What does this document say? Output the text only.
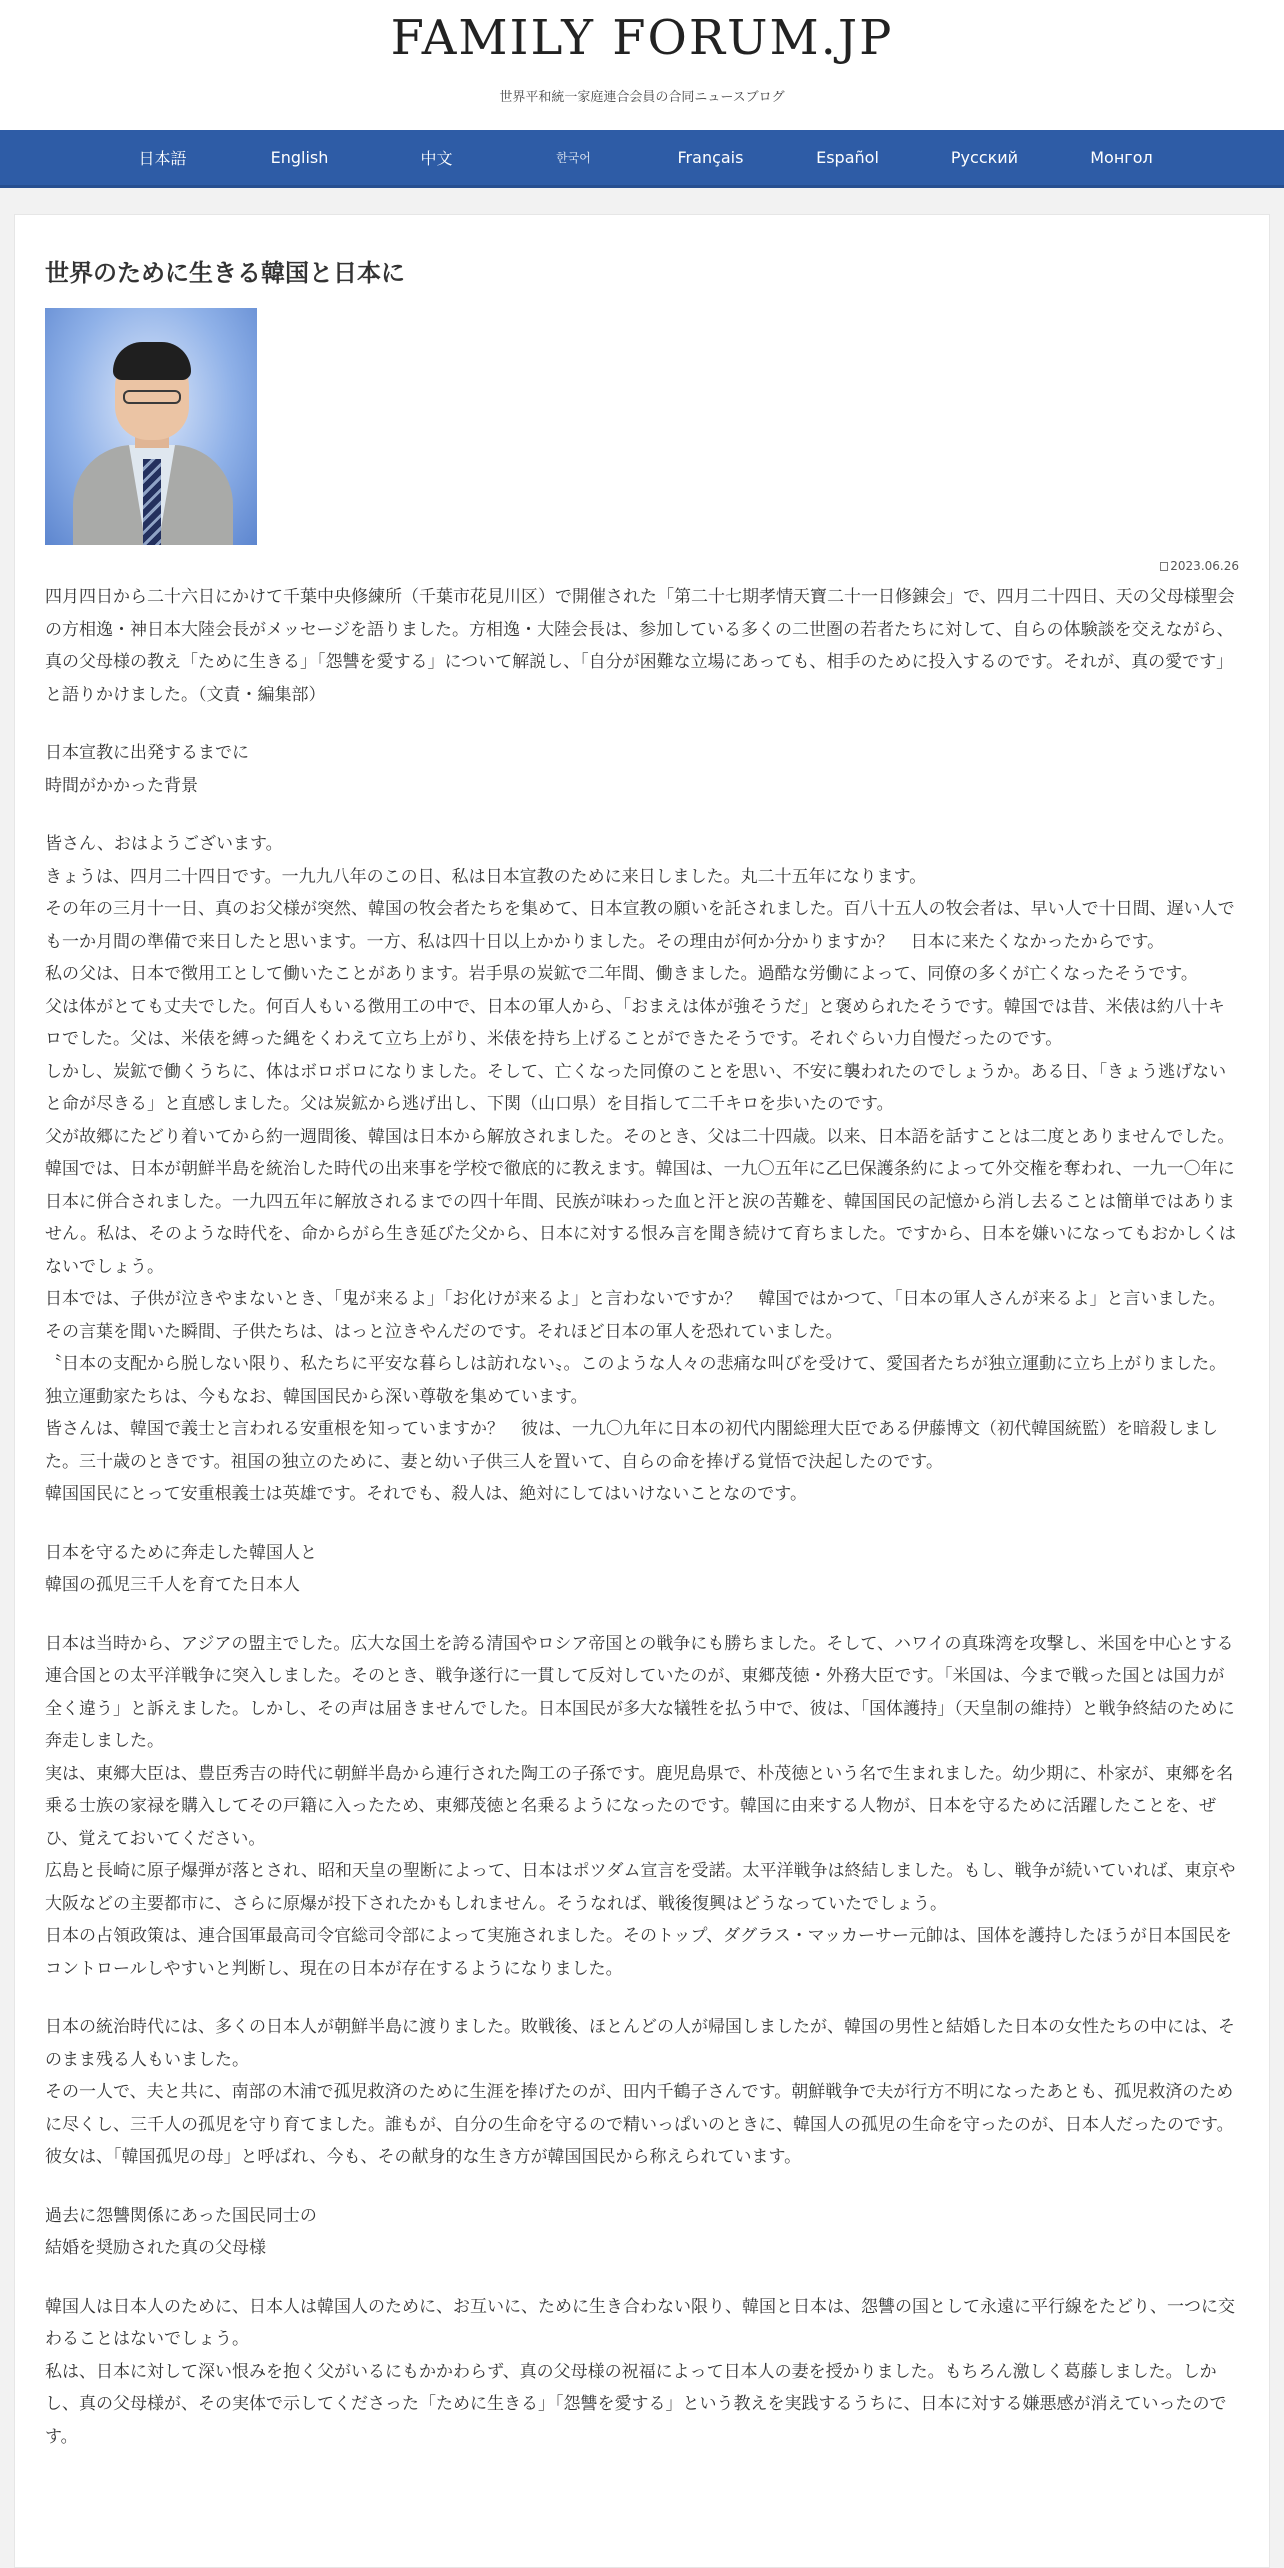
FAMILY FORUM.JP
世界平和統一家庭連合会員の合同ニュースブログ
日本語	English	中文	한국어	Français	Español	Русский	Монгол
世界のために生きる韓国と日本に
2023.06.26

四月四日から二十六日にかけて千葉中央修練所（千葉市花見川区）で開催された「第二十七期孝情天寶二十一日修錬会」で、四月二十四日、天の父母様聖会の方相逸・神日本大陸会長がメッセージを語りました。方相逸・大陸会長は、参加している多くの二世圏の若者たちに対して、自らの体験談を交えながら、真の父母様の教え「ために生きる」「怨讐を愛する」について解説し、「自分が困難な立場にあっても、相手のために投入するのです。それが、真の愛です」と語りかけました。（文責・編集部）

日本宣教に出発するまでに

時間がかかった背景

皆さん、おはようございます。

きょうは、四月二十四日です。一九九八年のこの日、私は日本宣教のために来日しました。丸二十五年になります。

その年の三月十一日、真のお父様が突然、韓国の牧会者たちを集めて、日本宣教の願いを託されました。百八十五人の牧会者は、早い人で十日間、遅い人でも一か月間の準備で来日したと思います。一方、私は四十日以上かかりました。その理由が何か分かりますか？　日本に来たくなかったからです。

私の父は、日本で徴用工として働いたことがあります。岩手県の炭鉱で二年間、働きました。過酷な労働によって、同僚の多くが亡くなったそうです。

父は体がとても丈夫でした。何百人もいる徴用工の中で、日本の軍人から、「おまえは体が強そうだ」と褒められたそうです。韓国では昔、米俵は約八十キロでした。父は、米俵を縛った縄をくわえて立ち上がり、米俵を持ち上げることができたそうです。それぐらい力自慢だったのです。

しかし、炭鉱で働くうちに、体はボロボロになりました。そして、亡くなった同僚のことを思い、不安に襲われたのでしょうか。ある日、「きょう逃げないと命が尽きる」と直感しました。父は炭鉱から逃げ出し、下関（山口県）を目指して二千キロを歩いたのです。

父が故郷にたどり着いてから約一週間後、韓国は日本から解放されました。そのとき、父は二十四歳。以来、日本語を話すことは二度とありませんでした。

韓国では、日本が朝鮮半島を統治した時代の出来事を学校で徹底的に教えます。韓国は、一九〇五年に乙巳保護条約によって外交権を奪われ、一九一〇年に日本に併合されました。一九四五年に解放されるまでの四十年間、民族が味わった血と汗と涙の苦難を、韓国国民の記憶から消し去ることは簡単ではありません。私は、そのような時代を、命からがら生き延びた父から、日本に対する恨み言を聞き続けて育ちました。ですから、日本を嫌いになってもおかしくはないでしょう。

日本では、子供が泣きやまないとき、「鬼が来るよ」「お化けが来るよ」と言わないですか？　韓国ではかつて、「日本の軍人さんが来るよ」と言いました。その言葉を聞いた瞬間、子供たちは、はっと泣きやんだのです。それほど日本の軍人を恐れていました。

〝日本の支配から脱しない限り、私たちに平安な暮らしは訪れない〟。このような人々の悲痛な叫びを受けて、愛国者たちが独立運動に立ち上がりました。独立運動家たちは、今もなお、韓国国民から深い尊敬を集めています。

皆さんは、韓国で義士と言われる安重根を知っていますか？　彼は、一九〇九年に日本の初代内閣総理大臣である伊藤博文（初代韓国統監）を暗殺しました。三十歳のときです。祖国の独立のために、妻と幼い子供三人を置いて、自らの命を捧げる覚悟で決起したのです。

韓国国民にとって安重根義士は英雄です。それでも、殺人は、絶対にしてはいけないことなのです。

日本を守るために奔走した韓国人と

韓国の孤児三千人を育てた日本人

日本は当時から、アジアの盟主でした。広大な国土を誇る清国やロシア帝国との戦争にも勝ちました。そして、ハワイの真珠湾を攻撃し、米国を中心とする連合国との太平洋戦争に突入しました。そのとき、戦争遂行に一貫して反対していたのが、東郷茂徳・外務大臣です。「米国は、今まで戦った国とは国力が全く違う」と訴えました。しかし、その声は届きませんでした。日本国民が多大な犠牲を払う中で、彼は、「国体護持」（天皇制の維持）と戦争終結のために奔走しました。

実は、東郷大臣は、豊臣秀吉の時代に朝鮮半島から連行された陶工の子孫です。鹿児島県で、朴茂徳という名で生まれました。幼少期に、朴家が、東郷を名乗る士族の家禄を購入してその戸籍に入ったため、東郷茂徳と名乗るようになったのです。韓国に由来する人物が、日本を守るために活躍したことを、ぜひ、覚えておいてください。

広島と長崎に原子爆弾が落とされ、昭和天皇の聖断によって、日本はポツダム宣言を受諾。太平洋戦争は終結しました。もし、戦争が続いていれば、東京や大阪などの主要都市に、さらに原爆が投下されたかもしれません。そうなれば、戦後復興はどうなっていたでしょう。

日本の占領政策は、連合国軍最高司令官総司令部によって実施されました。そのトップ、ダグラス・マッカーサー元帥は、国体を護持したほうが日本国民をコントロールしやすいと判断し、現在の日本が存在するようになりました。

日本の統治時代には、多くの日本人が朝鮮半島に渡りました。敗戦後、ほとんどの人が帰国しましたが、韓国の男性と結婚した日本の女性たちの中には、そのまま残る人もいました。

その一人で、夫と共に、南部の木浦で孤児救済のために生涯を捧げたのが、田内千鶴子さんです。朝鮮戦争で夫が行方不明になったあとも、孤児救済のために尽くし、三千人の孤児を守り育てました。誰もが、自分の生命を守るので精いっぱいのときに、韓国人の孤児の生命を守ったのが、日本人だったのです。

彼女は、「韓国孤児の母」と呼ばれ、今も、その献身的な生き方が韓国国民から称えられています。

過去に怨讐関係にあった国民同士の

結婚を奨励された真の父母様

韓国人は日本人のために、日本人は韓国人のために、お互いに、ために生き合わない限り、韓国と日本は、怨讐の国として永遠に平行線をたどり、一つに交わることはないでしょう。

私は、日本に対して深い恨みを抱く父がいるにもかかわらず、真の父母様の祝福によって日本人の妻を授かりました。もちろん激しく葛藤しました。しかし、真の父母様が、その実体で示してくださった「ために生きる」「怨讐を愛する」という教えを実践するうちに、日本に対する嫌悪感が消えていったのです。
